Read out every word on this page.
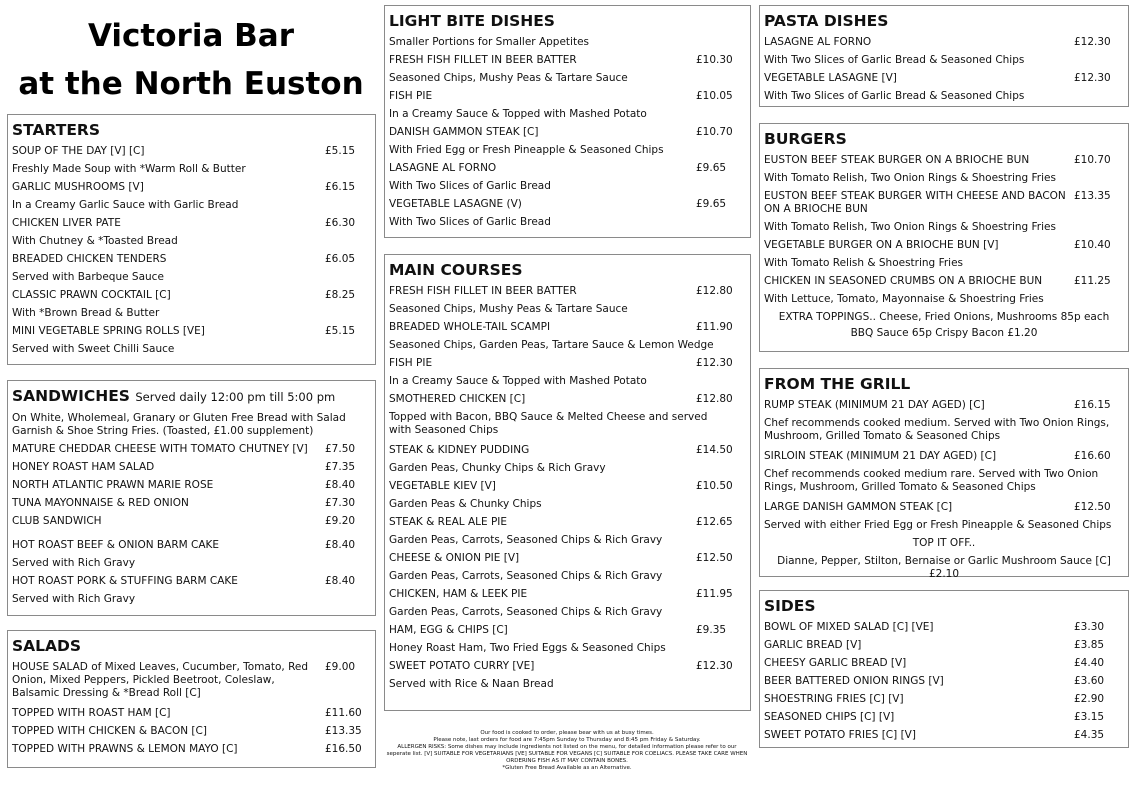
Victoria Bar
at the North Euston
STARTERS
SOUP OF THE DAY [V] [C]	£5.15
Freshly Made Soup with *Warm Roll & Butter
GARLIC MUSHROOMS [V]	£6.15
In a Creamy Garlic Sauce with Garlic Bread
CHICKEN LIVER PATE	£6.30
With Chutney & *Toasted Bread
BREADED CHICKEN TENDERS	£6.05
Served with Barbeque Sauce
CLASSIC PRAWN COCKTAIL [C]	£8.25
With *Brown Bread & Butter
MINI VEGETABLE SPRING ROLLS [VE]	£5.15
Served with Sweet Chilli Sauce
SANDWICHES Served daily 12:00 pm till 5:00 pm
On White, Wholemeal, Granary or Gluten Free Bread with Salad Garnish & Shoe String Fries. (Toasted, £1.00 supplement)
MATURE CHEDDAR CHEESE WITH TOMATO CHUTNEY [V]	£7.50
HONEY ROAST HAM SALAD	£7.35
NORTH ATLANTIC PRAWN MARIE ROSE	£8.40
TUNA MAYONNAISE & RED ONION	£7.30
CLUB SANDWICH	£9.20
HOT ROAST BEEF & ONION BARM CAKE	£8.40
Served with Rich Gravy
HOT ROAST PORK & STUFFING BARM CAKE	£8.40
Served with Rich Gravy
SALADS
HOUSE SALAD of Mixed Leaves, Cucumber, Tomato, Red Onion, Mixed Peppers, Pickled Beetroot, Coleslaw, Balsamic Dressing & *Bread Roll [C]
£9.00
TOPPED WITH ROAST HAM [C]	£11.60
TOPPED WITH CHICKEN & BACON [C]	£13.35
TOPPED WITH PRAWNS & LEMON MAYO [C]	£16.50
LIGHT BITE DISHES
Smaller Portions for Smaller Appetites
FRESH FISH FILLET IN BEER BATTER	£10.30
Seasoned Chips, Mushy Peas & Tartare Sauce
FISH PIE	£10.05
In a Creamy Sauce & Topped with Mashed Potato
DANISH GAMMON STEAK [C]	£10.70
With Fried Egg or Fresh Pineapple & Seasoned Chips
LASAGNE AL FORNO	£9.65
With Two Slices of Garlic Bread
VEGETABLE LASAGNE (V)	£9.65
With Two Slices of Garlic Bread
MAIN COURSES
FRESH FISH FILLET IN BEER BATTER	£12.80
Seasoned Chips, Mushy Peas & Tartare Sauce
BREADED WHOLE-TAIL SCAMPI	£11.90
Seasoned Chips, Garden Peas, Tartare Sauce & Lemon Wedge
FISH PIE	£12.30
In a Creamy Sauce & Topped with Mashed Potato
SMOTHERED CHICKEN [C]	£12.80
Topped with Bacon, BBQ Sauce & Melted Cheese and served with Seasoned Chips
STEAK & KIDNEY PUDDING	£14.50
Garden Peas, Chunky Chips & Rich Gravy
VEGETABLE KIEV [V]	£10.50
Garden Peas & Chunky Chips
STEAK & REAL ALE PIE	£12.65
Garden Peas, Carrots, Seasoned Chips & Rich Gravy
CHEESE & ONION PIE [V]	£12.50
Garden Peas, Carrots, Seasoned Chips & Rich Gravy
CHICKEN, HAM & LEEK PIE	£11.95
Garden Peas, Carrots, Seasoned Chips & Rich Gravy
HAM, EGG & CHIPS [C]	£9.35
Honey Roast Ham, Two Fried Eggs & Seasoned Chips
SWEET POTATO CURRY [VE]	£12.30
Served with Rice & Naan Bread
Our food is cooked to order, please bear with us at busy times.
Please note, last orders for food are 7:45pm Sunday to Thursday and 8:45 pm Friday & Saturday.
ALLERGEN RISKS: Some dishes may include ingredients not listed on the menu, for detailed information please refer to our seperate list. [V] SUITABLE FOR VEGETARIANS [VE] SUITABLE FOR VEGANS [C] SUITABLE FOR COELIACS. PLEASE TAKE CARE WHEN ORDERING FISH AS IT MAY CONTAIN BONES.
*Gluten Free Bread Available as an Alternative.
PASTA DISHES
LASAGNE AL FORNO	£12.30
With Two Slices of Garlic Bread & Seasoned Chips
VEGETABLE LASAGNE [V]	£12.30
With Two Slices of Garlic Bread & Seasoned Chips
BURGERS
EUSTON BEEF STEAK BURGER ON A BRIOCHE BUN	£10.70
With Tomato Relish, Two Onion Rings & Shoestring Fries
EUSTON BEEF STEAK BURGER WITH CHEESE AND BACON ON A BRIOCHE BUN
£13.35
With Tomato Relish, Two Onion Rings & Shoestring Fries
VEGETABLE BURGER ON A BRIOCHE BUN [V]	£10.40
With Tomato Relish & Shoestring Fries
CHICKEN IN SEASONED CRUMBS ON A BRIOCHE BUN	£11.25
With Lettuce, Tomato, Mayonnaise & Shoestring Fries
EXTRA TOPPINGS.. Cheese, Fried Onions, Mushrooms 85p each
BBQ Sauce 65p Crispy Bacon £1.20
FROM THE GRILL
RUMP STEAK (MINIMUM 21 DAY AGED) [C]	£16.15
Chef recommends cooked medium. Served with Two Onion Rings, Mushroom, Grilled Tomato & Seasoned Chips
SIRLOIN STEAK (MINIMUM 21 DAY AGED) [C]	£16.60
Chef recommends cooked medium rare. Served with Two Onion Rings, Mushroom, Grilled Tomato & Seasoned Chips
LARGE DANISH GAMMON STEAK [C]	£12.50
Served with either Fried Egg or Fresh Pineapple & Seasoned Chips
TOP IT OFF..
Dianne, Pepper, Stilton, Bernaise or Garlic Mushroom Sauce [C] £2.10
SIDES
BOWL OF MIXED SALAD [C] [VE]	£3.30
GARLIC BREAD [V]	£3.85
CHEESY GARLIC BREAD [V]	£4.40
BEER BATTERED ONION RINGS [V]	£3.60
SHOESTRING FRIES [C] [V]	£2.90
SEASONED CHIPS [C] [V]	£3.15
SWEET POTATO FRIES [C] [V]	£4.35
